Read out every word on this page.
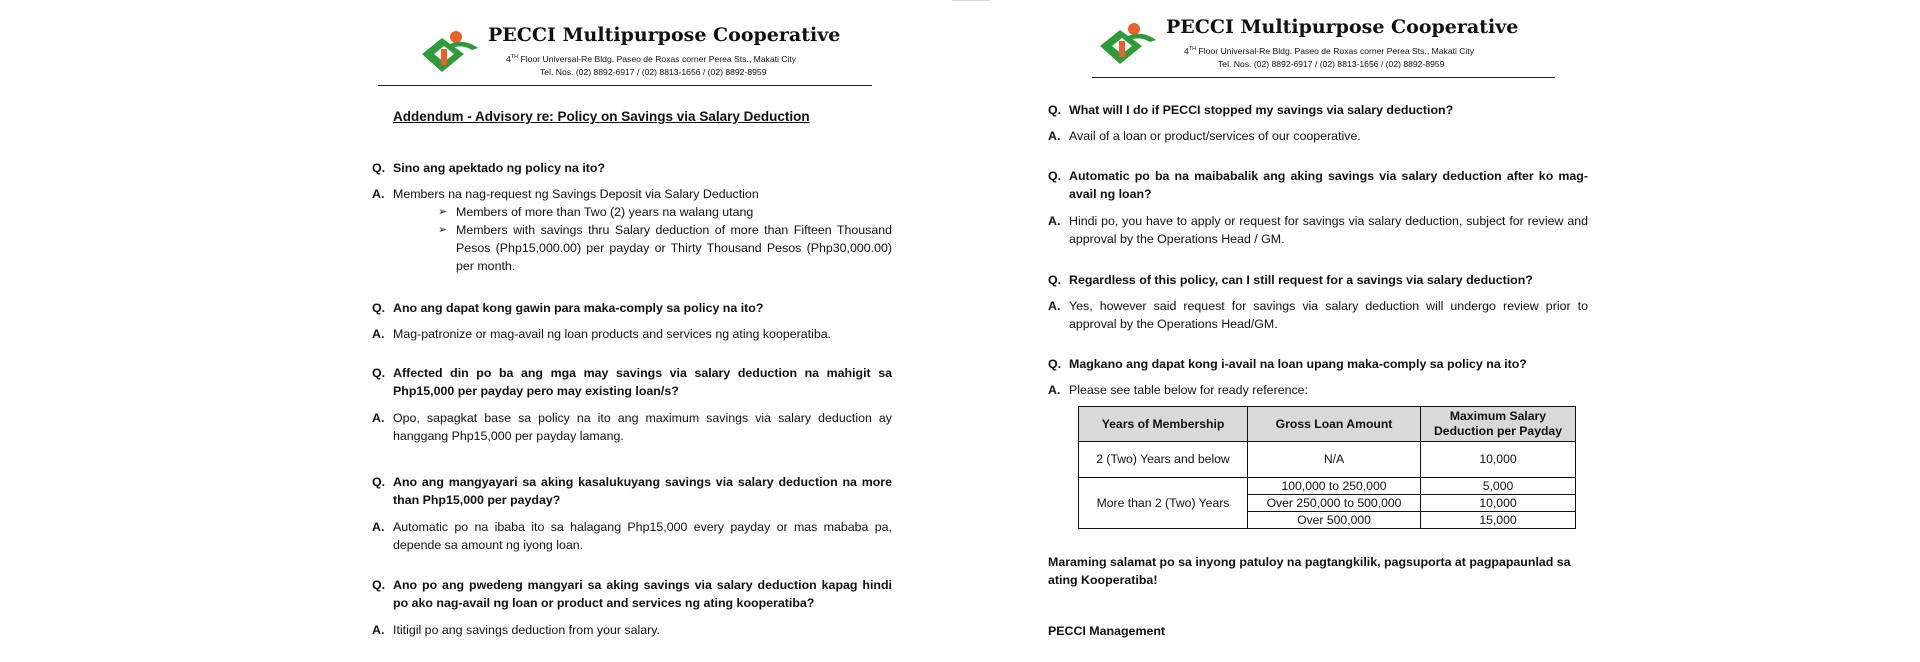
PECCI Multipurpose Cooperative
4TH Floor Universal-Re Bldg. Paseo de Roxas corner Perea Sts., Makati City
Tel. Nos. (02) 8892-6917 / (02) 8813-1656 / (02) 8892-8959
Addendum - Advisory re: Policy on Savings via Salary Deduction
Q. Sino ang apektado ng policy na ito?
A. Members na nag-request ng Savings Deposit via Salary Deduction
➢ Members of more than Two (2) years na walang utang
➢ Members with savings thru Salary deduction of more than Fifteen Thousand Pesos (Php15,000.00) per payday or Thirty Thousand Pesos (Php30,000.00) per month.
Q. Ano ang dapat kong gawin para maka-comply sa policy na ito?
A. Mag-patronize or mag-avail ng loan products and services ng ating kooperatiba.
Q. Affected din po ba ang mga may savings via salary deduction na mahigit sa Php15,000 per payday pero may existing loan/s?
A. Opo, sapagkat base sa policy na ito ang maximum savings via salary deduction ay hanggang Php15,000 per payday lamang.
Q. Ano ang mangyayari sa aking kasalukuyang savings via salary deduction na more than Php15,000 per payday?
A. Automatic po na ibaba ito sa halagang Php15,000 every payday or mas mababa pa, depende sa amount ng iyong loan.
Q. Ano po ang pwedeng mangyari sa aking savings via salary deduction kapag hindi po ako nag-avail ng loan or product and services ng ating kooperatiba?
A. Ititigil po ang savings deduction from your salary.
PECCI Multipurpose Cooperative
4TH Floor Universal-Re Bldg. Paseo de Roxas corner Perea Sts., Makati City
Tel. Nos. (02) 8892-6917 / (02) 8813-1656 / (02) 8892-8959
Q. What will I do if PECCI stopped my savings via salary deduction?
A. Avail of a loan or product/services of our cooperative.
Q. Automatic po ba na maibabalik ang aking savings via salary deduction after ko mag-avail ng loan?
A. Hindi po, you have to apply or request for savings via salary deduction, subject for review and approval by the Operations Head / GM.
Q. Regardless of this policy, can I still request for a savings via salary deduction?
A. Yes, however said request for savings via salary deduction will undergo review prior to approval by the Operations Head/GM.
Q. Magkano ang dapat kong i-avail na loan upang maka-comply sa policy na ito?
A. Please see table below for ready reference:
Years of Membership	Gross Loan Amount	Maximum Salary Deduction per Payday
2 (Two) Years and below	N/A	10,000
More than 2 (Two) Years	100,000 to 250,000	5,000
	Over 250,000 to 500,000	10,000
	Over 500,000	15,000
Maraming salamat po sa inyong patuloy na pagtangkilik, pagsuporta at pagpapaunlad sa ating Kooperatiba!
PECCI Management
